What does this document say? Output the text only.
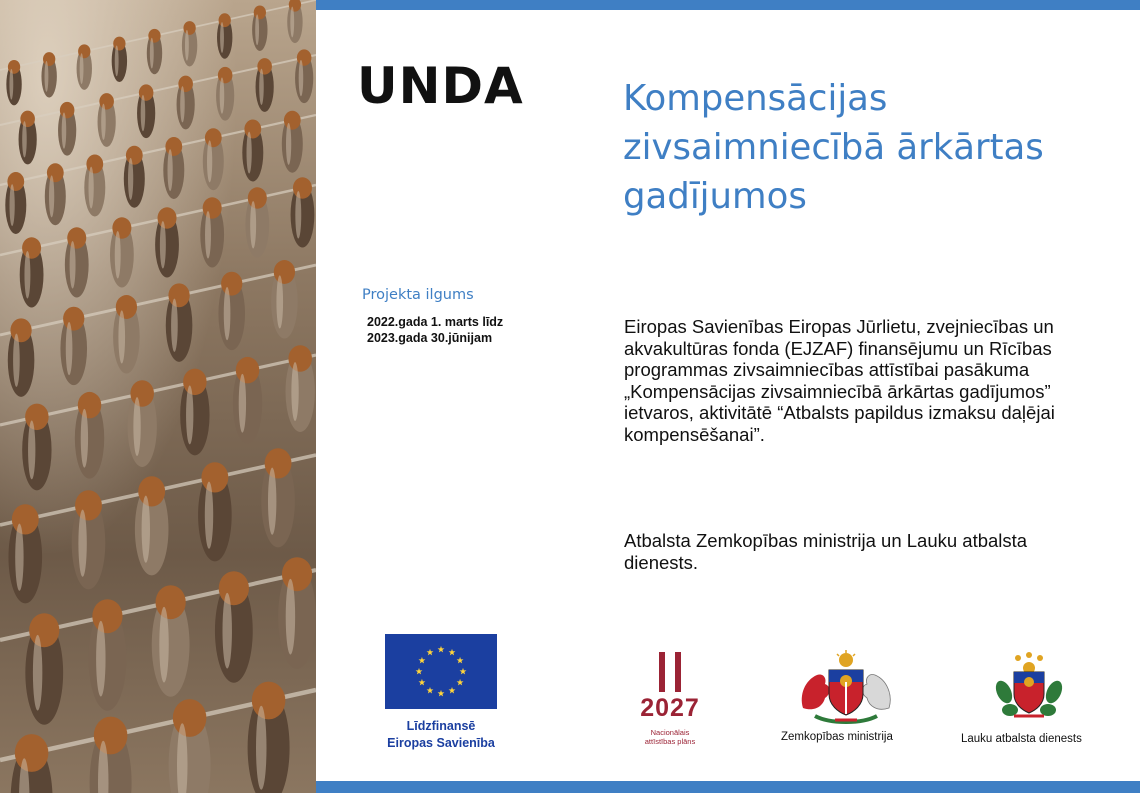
UNDA	Kompensācijas zivsaimniecībā ārkārtas gadījumos
Projekta ilgums
2022.gada 1. marts līdz
2023.gada 30.jūnijam

Eiropas Savienības Eiropas Jūrlietu, zvejniecības un akvakultūras fonda (EJZAF) finansējumu un Rīcības programmas zivsaimniecības attīstībai pasākuma „Kompensācijas zivsaimniecībā ārkārtas gadījumos” ietvaros, aktivitātē “Atbalsts papildus izmaksu daļējai kompensēšanai”.

Atbalsta Zemkopības ministrija un Lauku atbalsta dienests.

Līdzfinansē
Eiropas Savienība
2027
Nacionālais
attīstības plāns	Zemkopības ministrija	Lauku atbalsta dienests
